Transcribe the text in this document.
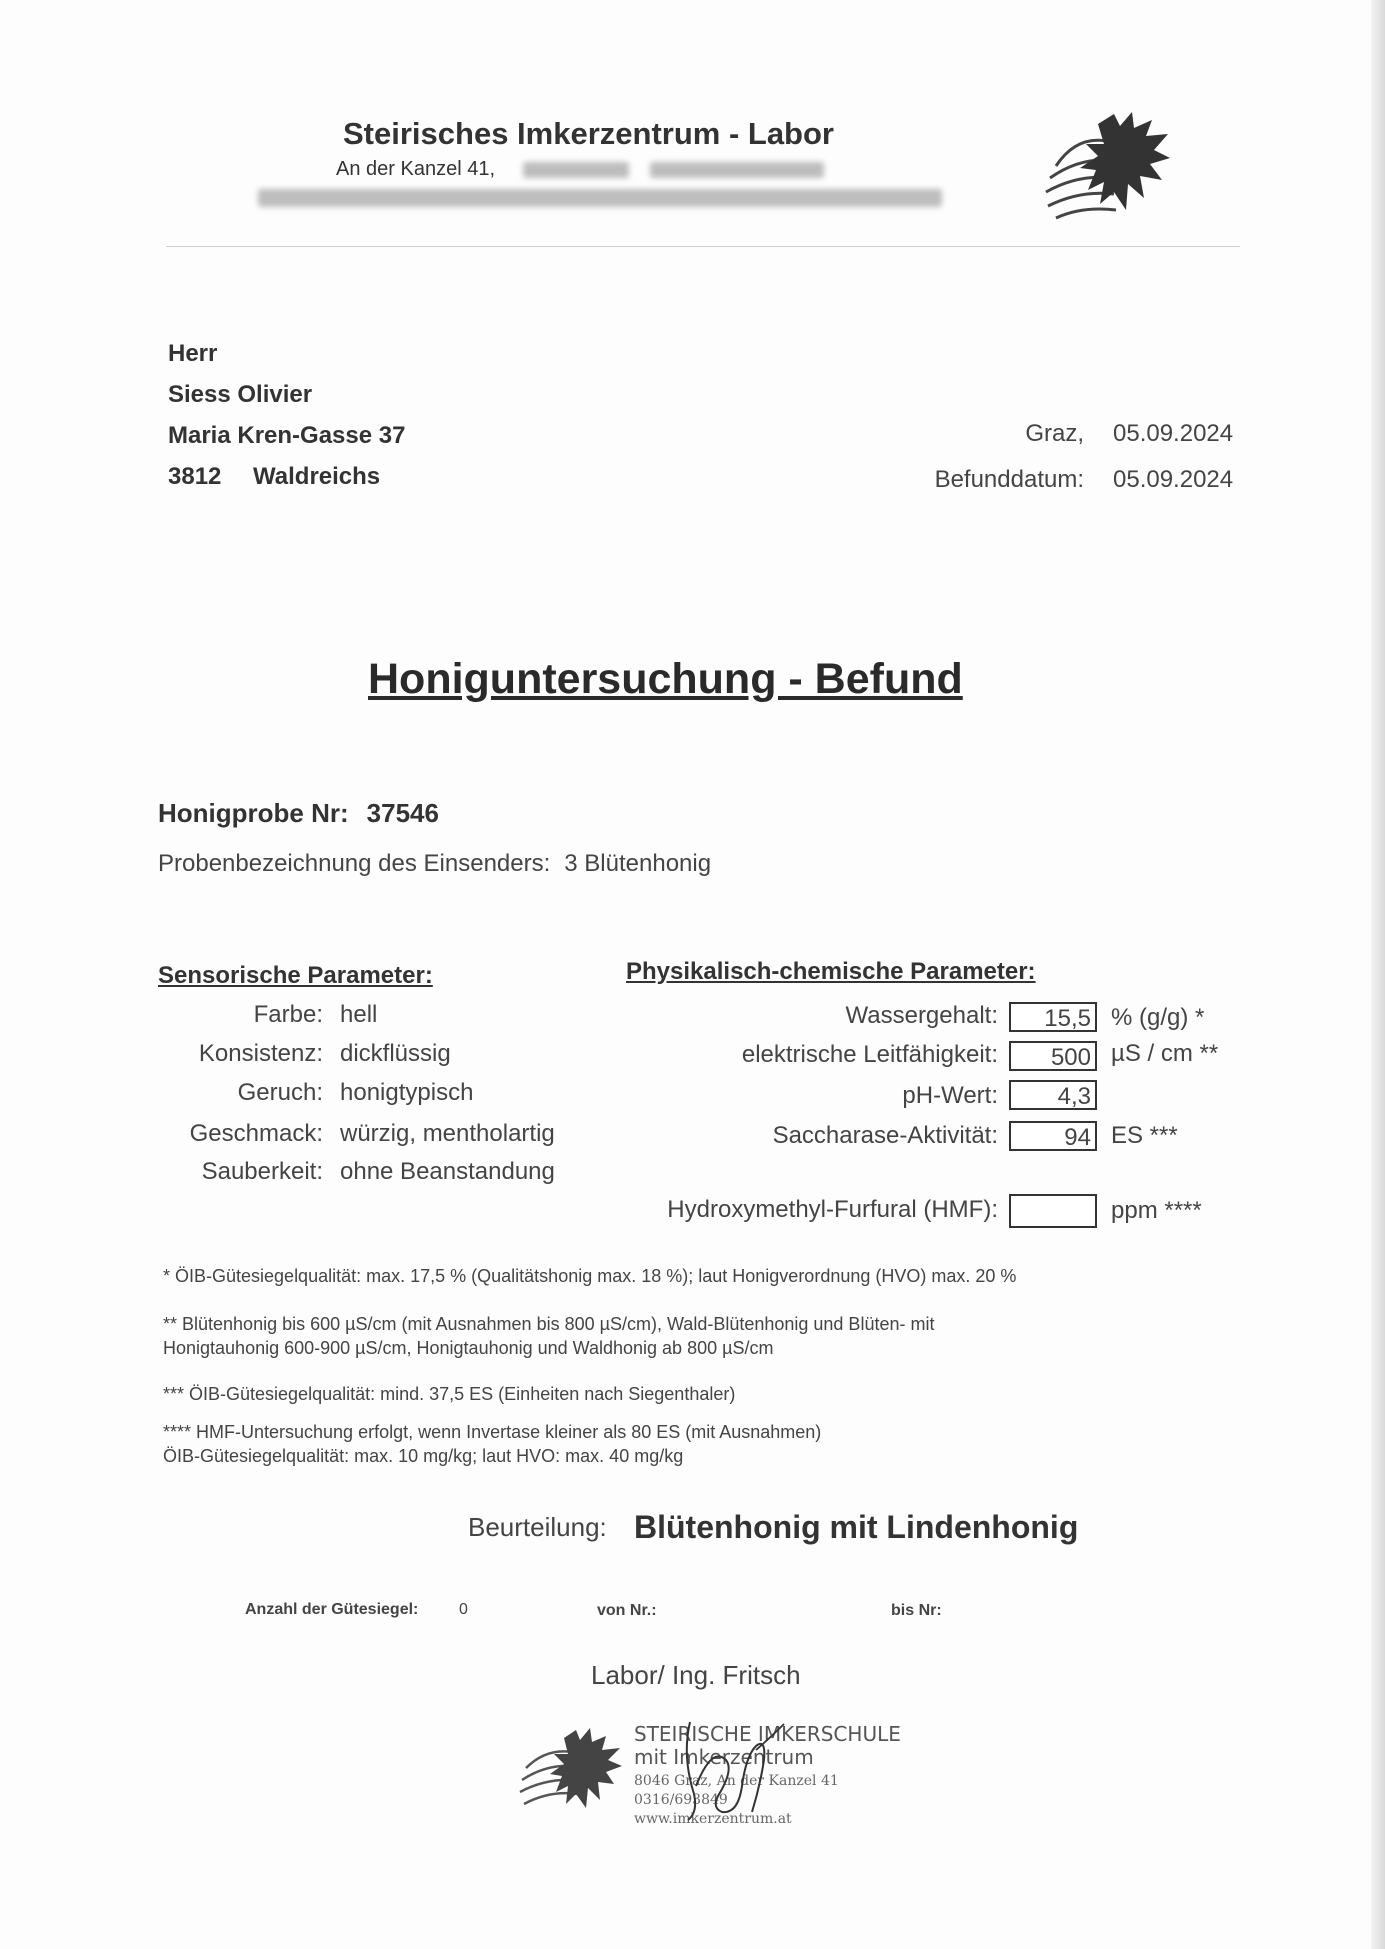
Steirisches Imkerzentrum - Labor
An der Kanzel 41,
Herr
Siess Olivier
Maria Kren-Gasse 37
3812 Waldreichs
Graz, 05.09.2024
Befunddatum: 05.09.2024
Honiguntersuchung - Befund
Honigprobe Nr: 37546
Probenbezeichnung des Einsenders: 3 Blütenhonig
Sensorische Parameter:
Farbe: hell
Konsistenz: dickflüssig
Geruch: honigtypisch
Geschmack: würzig, mentholartig
Sauberkeit: ohne Beanstandung
Physikalisch-chemische Parameter:
Wassergehalt:	15,5 % (g/g) *
elektrische Leitfähigkeit:	500 µS / cm **
pH-Wert:	4,3
Saccharase-Aktivität:	94 ES ***
Hydroxymethyl-Furfural (HMF):	ppm ****
* ÖIB-Gütesiegelqualität: max. 17,5 % (Qualitätshonig max. 18 %); laut Honigverordnung (HVO) max. 20 %
** Blütenhonig bis 600 µS/cm (mit Ausnahmen bis 800 µS/cm), Wald-Blütenhonig und Blüten- mit
Honigtauhonig 600-900 µS/cm, Honigtauhonig und Waldhonig ab 800 µS/cm
*** ÖIB-Gütesiegelqualität: mind. 37,5 ES (Einheiten nach Siegenthaler)
**** HMF-Untersuchung erfolgt, wenn Invertase kleiner als 80 ES (mit Ausnahmen)
ÖIB-Gütesiegelqualität: max. 10 mg/kg; laut HVO: max. 40 mg/kg
Beurteilung: Blütenhonig mit Lindenhonig
Anzahl der Gütesiegel:	0	von Nr.:	bis Nr:
Labor/ Ing. Fritsch
STEIRISCHE IMKERSCHULE
mit Imkerzentrum
8046 Graz, An der Kanzel 41
0316/693849
www.imkerzentrum.at
